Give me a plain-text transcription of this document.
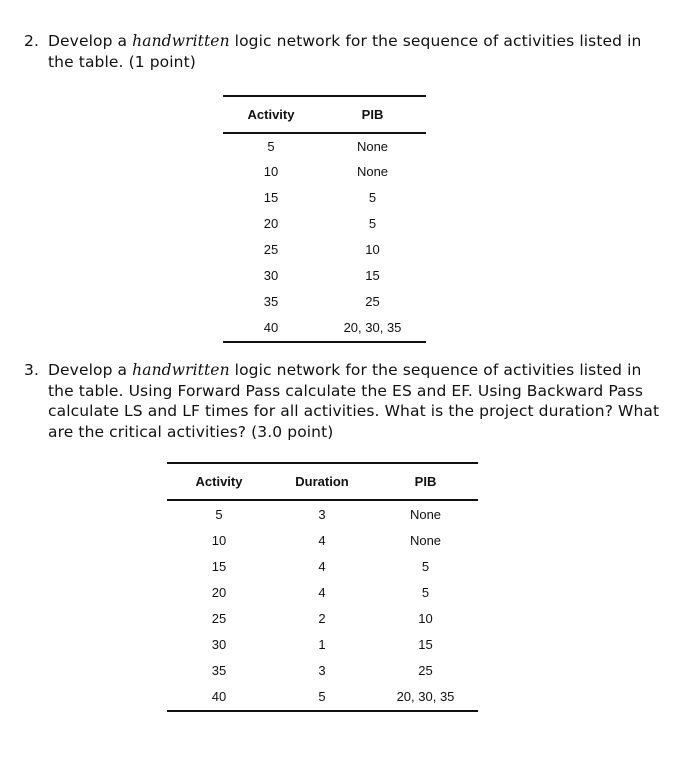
2. Develop a handwritten logic network for the sequence of activities listed in the table. (1 point)
Activity	PIB
5	None
10	None
15	5
20	5
25	10
30	15
35	25
40	20, 30, 35
3. Develop a handwritten logic network for the sequence of activities listed in the table. Using Forward Pass calculate the ES and EF. Using Backward Pass calculate LS and LF times for all activities. What is the project duration? What are the critical activities? (3.0 point)
Activity	Duration	PIB
5	3	None
10	4	None
15	4	5
20	4	5
25	2	10
30	1	15
35	3	25
40	5	20, 30, 35
